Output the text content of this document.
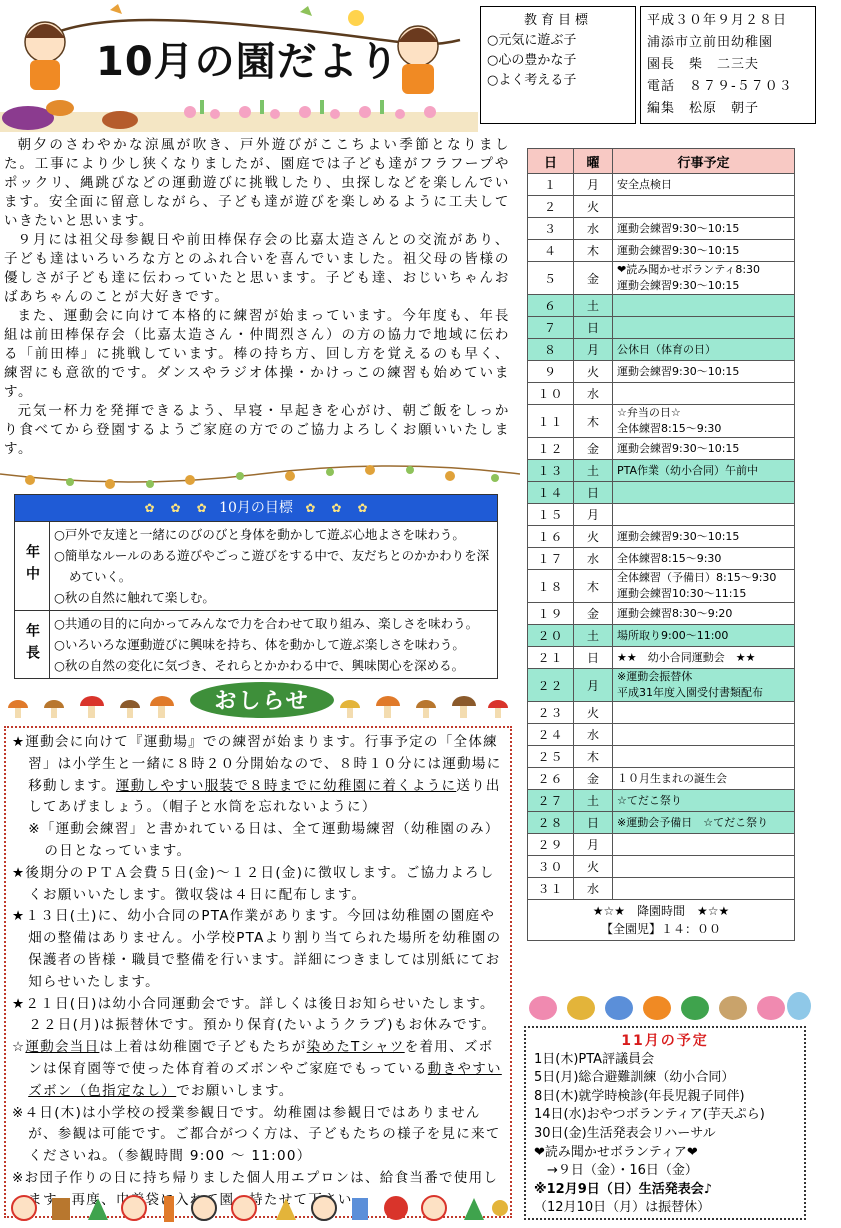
10月の園だより
教育目標
○元気に遊ぶ子
○心の豊かな子
○よく考える子
平成３０年９月２８日
浦添市立前田幼稚園
園長　柴　二三夫
電話　８７９-５７０３
編集　松原　朝子

朝夕のさわやかな涼風が吹き、戸外遊びがここちよい季節となりました。工事により少し狭くなりましたが、園庭では子ども達がフラフープやポックリ、縄跳びなどの運動遊びに挑戦したり、虫探しなどを楽しんでいます。安全面に留意しながら、子ども達が遊びを楽しめるように工夫していきたいと思います。

９月には祖父母参観日や前田棒保存会の比嘉太造さんとの交流があり、子ども達はいろいろな方とのふれ合いを喜んでいました。祖父母の皆様の優しさが子ども達に伝わっていたと思います。子ども達、おじいちゃんおばあちゃんのことが大好きです。

また、運動会に向けて本格的に練習が始まっています。今年度も、年長組は前田棒保存会（比嘉太造さん・仲間烈さん）の方の協力で地域に伝わる「前田棒」に挑戦しています。棒の持ち方、回し方を覚えるのも早く、練習にも意欲的です。ダンスやラジオ体操・かけっこの練習も始めています。

元気一杯力を発揮できるよう、早寝・早起きを心がけ、朝ご飯をしっかり食べてから登園するようご家庭の方でのご協力よろしくお願いいたします。

✿ ✿ ✿ 10月の目標 ✿ ✿ ✿
年中
○戸外で友達と一緒にのびのびと身体を動かして遊ぶ心地よさを味わう。
○簡単なルールのある遊びやごっこ遊びをする中で、友だちとのかかわりを深めていく。
○秋の自然に触れて楽しむ。
年長	○共通の目的に向かってみんなで力を合わせて取り組み、楽しさを味わう。
○いろいろな運動遊びに興味を持ち、体を動かして遊ぶ楽しさを味わう。
○秋の自然の変化に気づき、それらとかかわる中で、興味関心を深める。
おしらせ
★運動会に向けて『運動場』での練習が始まります。行事予定の「全体練習」は小学生と一緒に８時２０分開始なので、８時１０分には運動場に移動します。運動しやすい服装で８時までに幼稚園に着くように送り出してあげましょう。（帽子と水筒を忘れないように）
※「運動会練習」と書かれている日は、全て運動場練習（幼稚園のみ）の日となっています。
★後期分のＰＴＡ会費５日(金)～１２日(金)に徴収します。ご協力よろしくお願いいたします。徴収袋は４日に配布します。
★１３日(土)に、幼小合同のPTA作業があります。今回は幼稚園の園庭や畑の整備はありません。小学校PTAより割り当てられた場所を幼稚園の保護者の皆様・職員で整備を行います。詳細につきましては別紙にてお知らせいたします。
★２１日(日)は幼小合同運動会です。詳しくは後日お知らせいたします。２２日(月)は振替休です。預かり保育(たいようクラブ)もお休みです。
☆運動会当日は上着は幼稚園で子どもたちが染めたTシャツを着用、ズボンは保育園等で使った体育着のズボンやご家庭でもっている動きやすいズボン（色指定なし）でお願いします。
※４日(木)は小学校の授業参観日です。幼稚園は参観日ではありませんが、参観は可能です。ご都合がつく方は、子どもたちの様子を見に来てくださいね。（参観時間 9:00 ～ 11:00）
※お団子作りの日に持ち帰りました個人用エプロンは、給食当番で使用します。再度、巾着袋に入れて園へ持たせて下さい。
日	曜	行事予定
１	月	安全点検日

２	火	

３	水	運動会練習9:30～10:15

４	木	運動会練習9:30～10:15

５	金	❤読み聞かせボランティ8:30
運動会練習9:30～10:15

６	土	

７	日	

８	月	公休日（体育の日）

９	火	運動会練習9:30～10:15

１０	水	

１１	木	☆弁当の日☆
全体練習8:15～9:30

１２	金	運動会練習9:30～10:15

１３	土	PTA作業（幼小合同）午前中

１４	日	

１５	月	

１６	火	運動会練習9:30～10:15

１７	水	全体練習8:15～9:30

１８	木	全体練習（予備日）8:15～9:30
運動会練習10:30～11:15

１９	金	運動会練習8:30～9:20

２０	土	場所取り9:00～11:00

２１	日	★★　幼小合同運動会　★★

２２	月	※運動会振替休
平成31年度入園受付書類配布

２３	火	

２４	水	

２５	木	

２６	金	１０月生まれの誕生会

２７	土	☆てだこ祭り

２８	日	※運動会予備日　☆てだこ祭り

２９	月	

３０	火	

３１	水	

★☆★　降園時間　★☆★
【全園児】１４：００		
11月の予定
1日(木)PTA評議員会
5日(月)総合避難訓練（幼小合同）
8日(木)就学時検診(年長児親子同伴)
14日(水)おやつボランティア(芋天ぷら)
30日(金)生活発表会リハーサル
❤読み聞かせボランティア❤
　→９日（金）・16日（金）
※12月9日（日）生活発表会♪
（12月10日（月）は振替休）
